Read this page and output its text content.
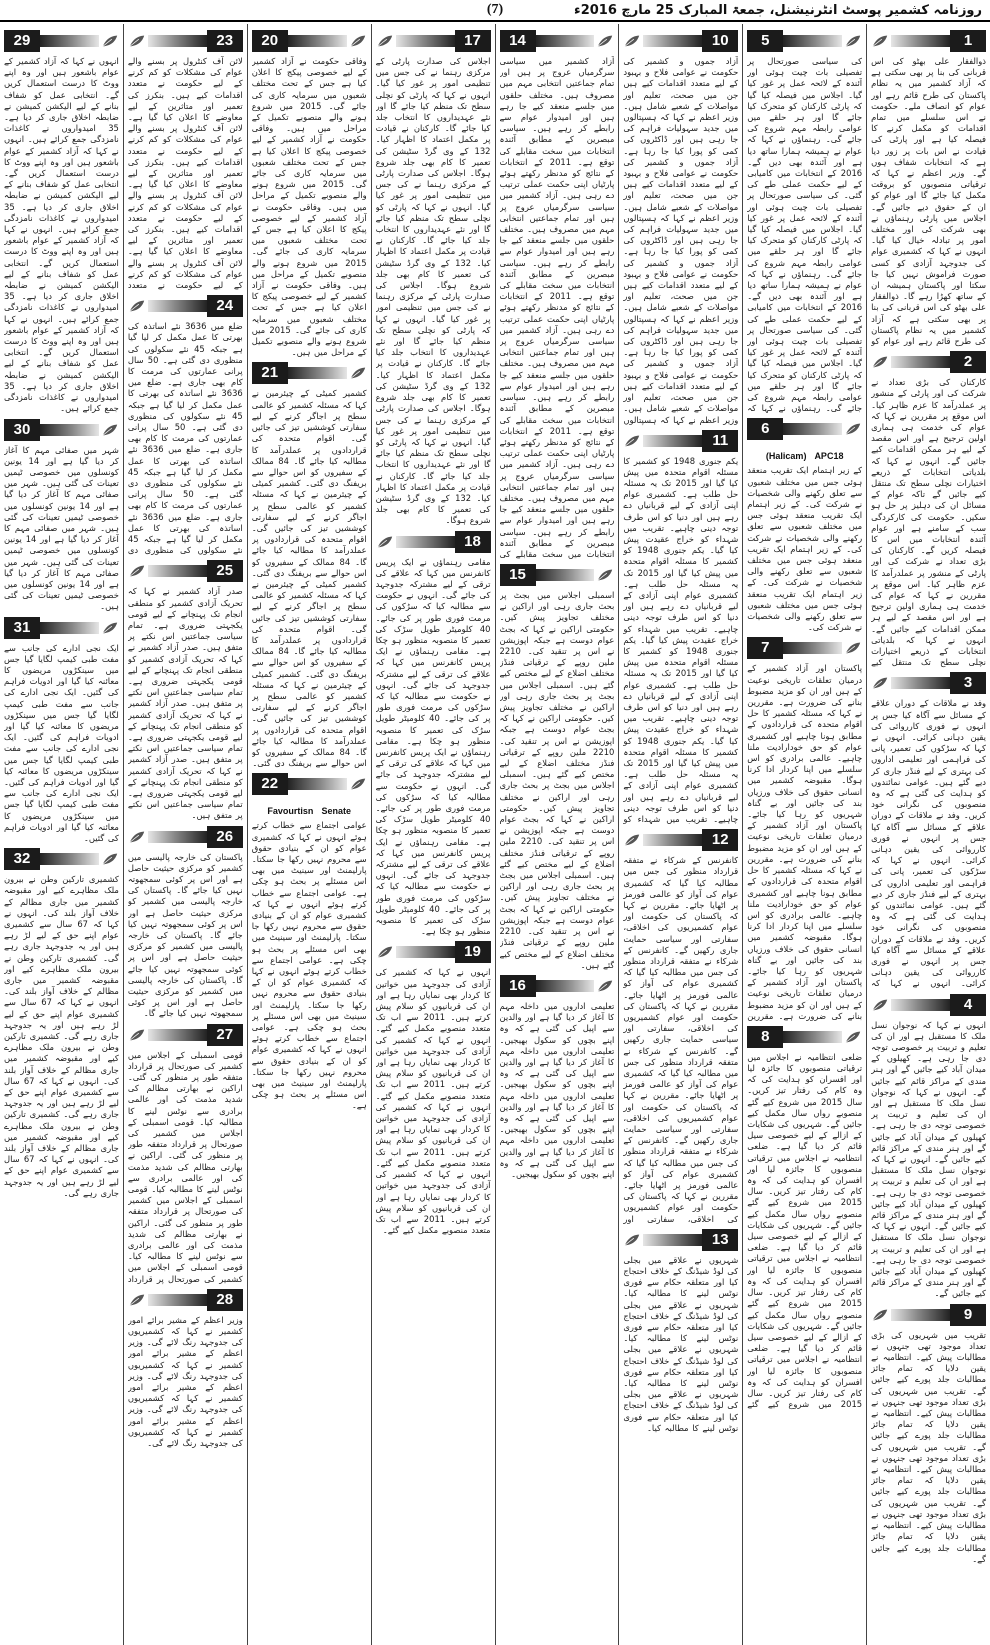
(7)	روزنامہ کشمیر پوسٹ انٹرنیشنل، جمعۃ المبارک 25 مارچ 2016ء
1

ذوالفقار علی بھٹو کی اس قربانی کی بنا پر بھی سکتی ہے کہ آزاد کشمیر میں یہ نظام پاکستان کی طرح قائم رہے اور عوام کو انصاف ملے۔ حکومت نے اس سلسلے میں تمام اقدامات کو مکمل کرنے کا فیصلہ کیا ہے اور پارٹی کی قیادت نے اس بات پر زور دیا ہے کہ انتخابات شفاف ہوں گے۔ وزیر اعظم نے کہا کہ ترقیاتی منصوبوں کو بروقت مکمل کیا جائے گا اور عوام کو ان کے حقوق دیے جائیں گے۔ اجلاس میں پارٹی رہنماؤں نے بھی شرکت کی اور مختلف امور پر تبادلہ خیال کیا گیا۔ انہوں نے کہا کہ کشمیری عوام کی جدوجہد آزادی کو کسی صورت فراموش نہیں کیا جا سکتا اور پاکستان ہمیشہ ان کے ساتھ کھڑا رہے گا۔ ذوالفقار علی بھٹو کی اس قربانی کی بنا پر بھی سکتی ہے کہ آزاد کشمیر میں یہ نظام پاکستان کی طرح قائم رہے اور عوام کو

2

کارکنان کی بڑی تعداد نے شرکت کی اور پارٹی کے منشور پر عملدرآمد کا عزم ظاہر کیا۔ اس موقع پر مقررین نے کہا کہ عوام کی خدمت ہی ہماری اولین ترجیح ہے اور اس مقصد کے لیے ہر ممکن اقدامات کیے جائیں گے۔ انہوں نے کہا کہ بلدیاتی انتخابات کے ذریعے اختیارات نچلی سطح تک منتقل کیے جائیں گے تاکہ عوام کے مسائل ان کی دہلیز پر حل ہو سکیں۔ حکومت کی کارکردگی سب کے سامنے ہے اور عوام آئندہ انتخابات میں اس کا فیصلہ کریں گے۔ کارکنان کی بڑی تعداد نے شرکت کی اور پارٹی کے منشور پر عملدرآمد کا عزم ظاہر کیا۔ اس موقع پر مقررین نے کہا کہ عوام کی خدمت ہی ہماری اولین ترجیح ہے اور اس مقصد کے لیے ہر ممکن اقدامات کیے جائیں گے۔ انہوں نے کہا کہ بلدیاتی انتخابات کے ذریعے اختیارات نچلی سطح تک منتقل کیے

3

وفد نے ملاقات کے دوران علاقے کے مسائل سے آگاہ کیا جس پر انہوں نے فوری کارروائی کی یقین دہانی کرائی۔ انہوں نے کہا کہ سڑکوں کی تعمیر، پانی کی فراہمی اور تعلیمی اداروں کی بہتری کے لیے فنڈز جاری کر دیے گئے ہیں۔ عوامی نمائندوں کو ہدایت کی گئی ہے کہ وہ منصوبوں کی نگرانی خود کریں۔ وفد نے ملاقات کے دوران علاقے کے مسائل سے آگاہ کیا جس پر انہوں نے فوری کارروائی کی یقین دہانی کرائی۔ انہوں نے کہا کہ سڑکوں کی تعمیر، پانی کی فراہمی اور تعلیمی اداروں کی بہتری کے لیے فنڈز جاری کر دیے گئے ہیں۔ عوامی نمائندوں کو ہدایت کی گئی ہے کہ وہ منصوبوں کی نگرانی خود کریں۔ وفد نے ملاقات کے دوران علاقے کے مسائل سے آگاہ کیا جس پر انہوں نے فوری کارروائی کی یقین دہانی کرائی۔ انہوں نے کہا کہ

4

انہوں نے کہا کہ نوجوان نسل ملک کا مستقبل ہے اور ان کی تعلیم و تربیت پر خصوصی توجہ دی جا رہی ہے۔ کھیلوں کے میدان آباد کیے جائیں گے اور ہنر مندی کے مراکز قائم کیے جائیں گے۔ انہوں نے کہا کہ نوجوان نسل ملک کا مستقبل ہے اور ان کی تعلیم و تربیت پر خصوصی توجہ دی جا رہی ہے۔ کھیلوں کے میدان آباد کیے جائیں گے اور ہنر مندی کے مراکز قائم کیے جائیں گے۔ انہوں نے کہا کہ نوجوان نسل ملک کا مستقبل ہے اور ان کی تعلیم و تربیت پر خصوصی توجہ دی جا رہی ہے۔ کھیلوں کے میدان آباد کیے جائیں گے اور ہنر مندی کے مراکز قائم کیے جائیں گے۔ انہوں نے کہا کہ نوجوان نسل ملک کا مستقبل ہے اور ان کی تعلیم و تربیت پر خصوصی توجہ دی جا رہی ہے۔ کھیلوں کے میدان آباد کیے جائیں گے اور ہنر مندی کے مراکز قائم کیے جائیں گے۔

9

تقریب میں شہریوں کی بڑی تعداد موجود تھی جنہوں نے مطالبات پیش کیے۔ انتظامیہ نے یقین دلایا کہ تمام جائز مطالبات جلد پورے کیے جائیں گے۔ تقریب میں شہریوں کی بڑی تعداد موجود تھی جنہوں نے مطالبات پیش کیے۔ انتظامیہ نے یقین دلایا کہ تمام جائز مطالبات جلد پورے کیے جائیں گے۔ تقریب میں شہریوں کی بڑی تعداد موجود تھی جنہوں نے مطالبات پیش کیے۔ انتظامیہ نے یقین دلایا کہ تمام جائز مطالبات جلد پورے کیے جائیں گے۔ تقریب میں شہریوں کی بڑی تعداد موجود تھی جنہوں نے مطالبات پیش کیے۔ انتظامیہ نے یقین دلایا کہ تمام جائز مطالبات جلد پورے کیے جائیں گے۔

5

کی سیاسی صورتحال پر تفصیلی بات چیت ہوئی اور آئندہ کے لائحہ عمل پر غور کیا گیا۔ اجلاس میں فیصلہ کیا گیا کہ پارٹی کارکنان کو متحرک کیا جائے گا اور ہر حلقے میں عوامی رابطہ مہم شروع کی جائے گی۔ رہنماؤں نے کہا کہ عوام نے ہمیشہ ہمارا ساتھ دیا ہے اور آئندہ بھی دیں گے۔ 2016 کے انتخابات میں کامیابی کے لیے حکمت عملی طے کی گئی۔ کی سیاسی صورتحال پر تفصیلی بات چیت ہوئی اور آئندہ کے لائحہ عمل پر غور کیا گیا۔ اجلاس میں فیصلہ کیا گیا کہ پارٹی کارکنان کو متحرک کیا جائے گا اور ہر حلقے میں عوامی رابطہ مہم شروع کی جائے گی۔ رہنماؤں نے کہا کہ عوام نے ہمیشہ ہمارا ساتھ دیا ہے اور آئندہ بھی دیں گے۔ 2016 کے انتخابات میں کامیابی کے لیے حکمت عملی طے کی گئی۔ کی سیاسی صورتحال پر تفصیلی بات چیت ہوئی اور آئندہ کے لائحہ عمل پر غور کیا گیا۔ اجلاس میں فیصلہ کیا گیا کہ پارٹی کارکنان کو متحرک کیا جائے گا اور ہر حلقے میں عوامی رابطہ مہم شروع کی جائے گی۔ رہنماؤں نے کہا کہ

6
(Halicam) APC18

کے زیر اہتمام ایک تقریب منعقد ہوئی جس میں مختلف شعبوں سے تعلق رکھنے والی شخصیات نے شرکت کی۔ کے زیر اہتمام ایک تقریب منعقد ہوئی جس میں مختلف شعبوں سے تعلق رکھنے والی شخصیات نے شرکت کی۔ کے زیر اہتمام ایک تقریب منعقد ہوئی جس میں مختلف شعبوں سے تعلق رکھنے والی شخصیات نے شرکت کی۔ کے زیر اہتمام ایک تقریب منعقد ہوئی جس میں مختلف شعبوں سے تعلق رکھنے والی شخصیات نے شرکت کی۔

7

پاکستان اور آزاد کشمیر کے درمیان تعلقات تاریخی نوعیت کے ہیں اور ان کو مزید مضبوط بنانے کی ضرورت ہے۔ مقررین نے کہا کہ مسئلہ کشمیر کا حل اقوام متحدہ کی قراردادوں کے مطابق ہونا چاہیے اور کشمیری عوام کو حق خودارادیت ملنا چاہیے۔ عالمی برادری کو اس سلسلے میں اپنا کردار ادا کرنا ہوگا۔ مقبوضہ کشمیر میں انسانی حقوق کی خلاف ورزیاں بند کی جائیں اور بے گناہ شہریوں کو رہا کیا جائے۔ پاکستان اور آزاد کشمیر کے درمیان تعلقات تاریخی نوعیت کے ہیں اور ان کو مزید مضبوط بنانے کی ضرورت ہے۔ مقررین نے کہا کہ مسئلہ کشمیر کا حل اقوام متحدہ کی قراردادوں کے مطابق ہونا چاہیے اور کشمیری عوام کو حق خودارادیت ملنا چاہیے۔ عالمی برادری کو اس سلسلے میں اپنا کردار ادا کرنا ہوگا۔ مقبوضہ کشمیر میں انسانی حقوق کی خلاف ورزیاں بند کی جائیں اور بے گناہ شہریوں کو رہا کیا جائے۔ پاکستان اور آزاد کشمیر کے درمیان تعلقات تاریخی نوعیت کے ہیں اور ان کو مزید مضبوط بنانے کی ضرورت ہے۔ مقررین

8

ضلعی انتظامیہ نے اجلاس میں ترقیاتی منصوبوں کا جائزہ لیا اور افسران کو ہدایت کی کہ وہ کام کی رفتار تیز کریں۔ سال 2015 میں شروع کیے گئے منصوبے رواں سال مکمل کیے جائیں گے۔ شہریوں کی شکایات کے ازالے کے لیے خصوصی سیل قائم کر دیا گیا ہے۔ ضلعی انتظامیہ نے اجلاس میں ترقیاتی منصوبوں کا جائزہ لیا اور افسران کو ہدایت کی کہ وہ کام کی رفتار تیز کریں۔ سال 2015 میں شروع کیے گئے منصوبے رواں سال مکمل کیے جائیں گے۔ شہریوں کی شکایات کے ازالے کے لیے خصوصی سیل قائم کر دیا گیا ہے۔ ضلعی انتظامیہ نے اجلاس میں ترقیاتی منصوبوں کا جائزہ لیا اور افسران کو ہدایت کی کہ وہ کام کی رفتار تیز کریں۔ سال 2015 میں شروع کیے گئے منصوبے رواں سال مکمل کیے جائیں گے۔ شہریوں کی شکایات کے ازالے کے لیے خصوصی سیل قائم کر دیا گیا ہے۔ ضلعی انتظامیہ نے اجلاس میں ترقیاتی منصوبوں کا جائزہ لیا اور افسران کو ہدایت کی کہ وہ کام کی رفتار تیز کریں۔ سال 2015 میں شروع کیے گئے

10

آزاد جموں و کشمیر کی حکومت نے عوامی فلاح و بہبود کے لیے متعدد اقدامات کیے ہیں جن میں صحت، تعلیم اور مواصلات کے شعبے شامل ہیں۔ وزیر اعظم نے کہا کہ ہسپتالوں میں جدید سہولیات فراہم کی جا رہی ہیں اور ڈاکٹروں کی کمی کو پورا کیا جا رہا ہے۔ آزاد جموں و کشمیر کی حکومت نے عوامی فلاح و بہبود کے لیے متعدد اقدامات کیے ہیں جن میں صحت، تعلیم اور مواصلات کے شعبے شامل ہیں۔ وزیر اعظم نے کہا کہ ہسپتالوں میں جدید سہولیات فراہم کی جا رہی ہیں اور ڈاکٹروں کی کمی کو پورا کیا جا رہا ہے۔ آزاد جموں و کشمیر کی حکومت نے عوامی فلاح و بہبود کے لیے متعدد اقدامات کیے ہیں جن میں صحت، تعلیم اور مواصلات کے شعبے شامل ہیں۔ وزیر اعظم نے کہا کہ ہسپتالوں میں جدید سہولیات فراہم کی جا رہی ہیں اور ڈاکٹروں کی کمی کو پورا کیا جا رہا ہے۔ آزاد جموں و کشمیر کی حکومت نے عوامی فلاح و بہبود کے لیے متعدد اقدامات کیے ہیں جن میں صحت، تعلیم اور مواصلات کے شعبے شامل ہیں۔ وزیر اعظم نے کہا کہ ہسپتالوں

11

یکم جنوری 1948 کو کشمیر کا مسئلہ اقوام متحدہ میں پیش کیا گیا اور 2015 تک یہ مسئلہ حل طلب ہے۔ کشمیری عوام اپنی آزادی کے لیے قربانیاں دے رہے ہیں اور دنیا کو اس طرف توجہ دینی چاہیے۔ تقریب میں شہداء کو خراج عقیدت پیش کیا گیا۔ یکم جنوری 1948 کو کشمیر کا مسئلہ اقوام متحدہ میں پیش کیا گیا اور 2015 تک یہ مسئلہ حل طلب ہے۔ کشمیری عوام اپنی آزادی کے لیے قربانیاں دے رہے ہیں اور دنیا کو اس طرف توجہ دینی چاہیے۔ تقریب میں شہداء کو خراج عقیدت پیش کیا گیا۔ یکم جنوری 1948 کو کشمیر کا مسئلہ اقوام متحدہ میں پیش کیا گیا اور 2015 تک یہ مسئلہ حل طلب ہے۔ کشمیری عوام اپنی آزادی کے لیے قربانیاں دے رہے ہیں اور دنیا کو اس طرف توجہ دینی چاہیے۔ تقریب میں شہداء کو خراج عقیدت پیش کیا گیا۔ یکم جنوری 1948 کو کشمیر کا مسئلہ اقوام متحدہ میں پیش کیا گیا اور 2015 تک یہ مسئلہ حل طلب ہے۔ کشمیری عوام اپنی آزادی کے لیے قربانیاں دے رہے ہیں اور دنیا کو اس طرف توجہ دینی چاہیے۔ تقریب میں شہداء کو

12

کانفرنس کے شرکاء نے متفقہ قرارداد منظور کی جس میں مطالبہ کیا گیا کہ کشمیری عوام کی آواز کو عالمی فورمز پر اٹھایا جائے۔ مقررین نے کہا کہ پاکستان کی حکومت اور عوام کشمیریوں کی اخلاقی، سفارتی اور سیاسی حمایت جاری رکھیں گے۔ کانفرنس کے شرکاء نے متفقہ قرارداد منظور کی جس میں مطالبہ کیا گیا کہ کشمیری عوام کی آواز کو عالمی فورمز پر اٹھایا جائے۔ مقررین نے کہا کہ پاکستان کی حکومت اور عوام کشمیریوں کی اخلاقی، سفارتی اور سیاسی حمایت جاری رکھیں گے۔ کانفرنس کے شرکاء نے متفقہ قرارداد منظور کی جس میں مطالبہ کیا گیا کہ کشمیری عوام کی آواز کو عالمی فورمز پر اٹھایا جائے۔ مقررین نے کہا کہ پاکستان کی حکومت اور عوام کشمیریوں کی اخلاقی، سفارتی اور سیاسی حمایت جاری رکھیں گے۔ کانفرنس کے شرکاء نے متفقہ قرارداد منظور کی جس میں مطالبہ کیا گیا کہ کشمیری عوام کی آواز کو عالمی فورمز پر اٹھایا جائے۔ مقررین نے کہا کہ پاکستان کی حکومت اور عوام کشمیریوں کی اخلاقی، سفارتی اور

13

شہریوں نے علاقے میں بجلی کی لوڈ شیڈنگ کے خلاف احتجاج کیا اور متعلقہ حکام سے فوری نوٹس لینے کا مطالبہ کیا۔ شہریوں نے علاقے میں بجلی کی لوڈ شیڈنگ کے خلاف احتجاج کیا اور متعلقہ حکام سے فوری نوٹس لینے کا مطالبہ کیا۔ شہریوں نے علاقے میں بجلی کی لوڈ شیڈنگ کے خلاف احتجاج کیا اور متعلقہ حکام سے فوری نوٹس لینے کا مطالبہ کیا۔ شہریوں نے علاقے میں بجلی کی لوڈ شیڈنگ کے خلاف احتجاج کیا اور متعلقہ حکام سے فوری نوٹس لینے کا مطالبہ کیا۔

14

آزاد کشمیر میں سیاسی سرگرمیاں عروج پر ہیں اور تمام جماعتیں انتخابی مہم میں مصروف ہیں۔ مختلف حلقوں میں جلسے منعقد کیے جا رہے ہیں اور امیدوار عوام سے رابطے کر رہے ہیں۔ سیاسی مبصرین کے مطابق آئندہ انتخابات میں سخت مقابلے کی توقع ہے۔ 2011 کے انتخابات کے نتائج کو مدنظر رکھتے ہوئے پارٹیاں اپنی حکمت عملی ترتیب دے رہی ہیں۔ آزاد کشمیر میں سیاسی سرگرمیاں عروج پر ہیں اور تمام جماعتیں انتخابی مہم میں مصروف ہیں۔ مختلف حلقوں میں جلسے منعقد کیے جا رہے ہیں اور امیدوار عوام سے رابطے کر رہے ہیں۔ سیاسی مبصرین کے مطابق آئندہ انتخابات میں سخت مقابلے کی توقع ہے۔ 2011 کے انتخابات کے نتائج کو مدنظر رکھتے ہوئے پارٹیاں اپنی حکمت عملی ترتیب دے رہی ہیں۔ آزاد کشمیر میں سیاسی سرگرمیاں عروج پر ہیں اور تمام جماعتیں انتخابی مہم میں مصروف ہیں۔ مختلف حلقوں میں جلسے منعقد کیے جا رہے ہیں اور امیدوار عوام سے رابطے کر رہے ہیں۔ سیاسی مبصرین کے مطابق آئندہ انتخابات میں سخت مقابلے کی توقع ہے۔ 2011 کے انتخابات کے نتائج کو مدنظر رکھتے ہوئے پارٹیاں اپنی حکمت عملی ترتیب دے رہی ہیں۔ آزاد کشمیر میں سیاسی سرگرمیاں عروج پر ہیں اور تمام جماعتیں انتخابی مہم میں مصروف ہیں۔ مختلف حلقوں میں جلسے منعقد کیے جا رہے ہیں اور امیدوار عوام سے رابطے کر رہے ہیں۔ سیاسی مبصرین کے مطابق آئندہ انتخابات میں سخت مقابلے کی

15

اسمبلی اجلاس میں بجٹ پر بحث جاری رہی اور اراکین نے مختلف تجاویز پیش کیں۔ حکومتی اراکین نے کہا کہ بجٹ عوام دوست ہے جبکہ اپوزیشن نے اس پر تنقید کی۔ 2210 ملین روپے کے ترقیاتی فنڈز مختلف اضلاع کے لیے مختص کیے گئے ہیں۔ اسمبلی اجلاس میں بجٹ پر بحث جاری رہی اور اراکین نے مختلف تجاویز پیش کیں۔ حکومتی اراکین نے کہا کہ بجٹ عوام دوست ہے جبکہ اپوزیشن نے اس پر تنقید کی۔ 2210 ملین روپے کے ترقیاتی فنڈز مختلف اضلاع کے لیے مختص کیے گئے ہیں۔ اسمبلی اجلاس میں بجٹ پر بحث جاری رہی اور اراکین نے مختلف تجاویز پیش کیں۔ حکومتی اراکین نے کہا کہ بجٹ عوام دوست ہے جبکہ اپوزیشن نے اس پر تنقید کی۔ 2210 ملین روپے کے ترقیاتی فنڈز مختلف اضلاع کے لیے مختص کیے گئے ہیں۔ اسمبلی اجلاس میں بجٹ پر بحث جاری رہی اور اراکین نے مختلف تجاویز پیش کیں۔ حکومتی اراکین نے کہا کہ بجٹ عوام دوست ہے جبکہ اپوزیشن نے اس پر تنقید کی۔ 2210 ملین روپے کے ترقیاتی فنڈز مختلف اضلاع کے لیے مختص کیے گئے ہیں۔

16

تعلیمی اداروں میں داخلہ مہم کا آغاز کر دیا گیا ہے اور والدین سے اپیل کی گئی ہے کہ وہ اپنے بچوں کو سکول بھیجیں۔ تعلیمی اداروں میں داخلہ مہم کا آغاز کر دیا گیا ہے اور والدین سے اپیل کی گئی ہے کہ وہ اپنے بچوں کو سکول بھیجیں۔ تعلیمی اداروں میں داخلہ مہم کا آغاز کر دیا گیا ہے اور والدین سے اپیل کی گئی ہے کہ وہ اپنے بچوں کو سکول بھیجیں۔ تعلیمی اداروں میں داخلہ مہم کا آغاز کر دیا گیا ہے اور والدین سے اپیل کی گئی ہے کہ وہ اپنے بچوں کو سکول بھیجیں۔

17

اجلاس کی صدارت پارٹی کے مرکزی رہنما نے کی جس میں تنظیمی امور پر غور کیا گیا۔ انہوں نے کہا کہ پارٹی کو نچلی سطح تک منظم کیا جائے گا اور نئے عہدیداروں کا انتخاب جلد کیا جائے گا۔ کارکنان نے قیادت پر مکمل اعتماد کا اظہار کیا۔ 132 کے وی گرڈ سٹیشن کی تعمیر کا کام بھی جلد شروع ہوگا۔ اجلاس کی صدارت پارٹی کے مرکزی رہنما نے کی جس میں تنظیمی امور پر غور کیا گیا۔ انہوں نے کہا کہ پارٹی کو نچلی سطح تک منظم کیا جائے گا اور نئے عہدیداروں کا انتخاب جلد کیا جائے گا۔ کارکنان نے قیادت پر مکمل اعتماد کا اظہار کیا۔ 132 کے وی گرڈ سٹیشن کی تعمیر کا کام بھی جلد شروع ہوگا۔ اجلاس کی صدارت پارٹی کے مرکزی رہنما نے کی جس میں تنظیمی امور پر غور کیا گیا۔ انہوں نے کہا کہ پارٹی کو نچلی سطح تک منظم کیا جائے گا اور نئے عہدیداروں کا انتخاب جلد کیا جائے گا۔ کارکنان نے قیادت پر مکمل اعتماد کا اظہار کیا۔ 132 کے وی گرڈ سٹیشن کی تعمیر کا کام بھی جلد شروع ہوگا۔ اجلاس کی صدارت پارٹی کے مرکزی رہنما نے کی جس میں تنظیمی امور پر غور کیا گیا۔ انہوں نے کہا کہ پارٹی کو نچلی سطح تک منظم کیا جائے گا اور نئے عہدیداروں کا انتخاب جلد کیا جائے گا۔ کارکنان نے قیادت پر مکمل اعتماد کا اظہار کیا۔ 132 کے وی گرڈ سٹیشن کی تعمیر کا کام بھی جلد شروع ہوگا۔

18

مقامی رہنماؤں نے ایک پریس کانفرنس میں کہا کہ علاقے کی ترقی کے لیے مشترکہ جدوجہد کی جائے گی۔ انہوں نے حکومت سے مطالبہ کیا کہ سڑکوں کی مرمت فوری طور پر کی جائے۔ 40 کلومیٹر طویل سڑک کی تعمیر کا منصوبہ منظور ہو چکا ہے۔ مقامی رہنماؤں نے ایک پریس کانفرنس میں کہا کہ علاقے کی ترقی کے لیے مشترکہ جدوجہد کی جائے گی۔ انہوں نے حکومت سے مطالبہ کیا کہ سڑکوں کی مرمت فوری طور پر کی جائے۔ 40 کلومیٹر طویل سڑک کی تعمیر کا منصوبہ منظور ہو چکا ہے۔ مقامی رہنماؤں نے ایک پریس کانفرنس میں کہا کہ علاقے کی ترقی کے لیے مشترکہ جدوجہد کی جائے گی۔ انہوں نے حکومت سے مطالبہ کیا کہ سڑکوں کی مرمت فوری طور پر کی جائے۔ 40 کلومیٹر طویل سڑک کی تعمیر کا منصوبہ منظور ہو چکا ہے۔ مقامی رہنماؤں نے ایک پریس کانفرنس میں کہا کہ علاقے کی ترقی کے لیے مشترکہ جدوجہد کی جائے گی۔ انہوں نے حکومت سے مطالبہ کیا کہ سڑکوں کی مرمت فوری طور پر کی جائے۔ 40 کلومیٹر طویل سڑک کی تعمیر کا منصوبہ منظور ہو چکا ہے۔

19

انہوں نے کہا کہ کشمیر کی آزادی کی جدوجہد میں خواتین کا کردار بھی نمایاں رہا ہے اور ان کی قربانیوں کو سلام پیش کرتے ہیں۔ 2011 سے اب تک متعدد منصوبے مکمل کیے گئے۔ انہوں نے کہا کہ کشمیر کی آزادی کی جدوجہد میں خواتین کا کردار بھی نمایاں رہا ہے اور ان کی قربانیوں کو سلام پیش کرتے ہیں۔ 2011 سے اب تک متعدد منصوبے مکمل کیے گئے۔ انہوں نے کہا کہ کشمیر کی آزادی کی جدوجہد میں خواتین کا کردار بھی نمایاں رہا ہے اور ان کی قربانیوں کو سلام پیش کرتے ہیں۔ 2011 سے اب تک متعدد منصوبے مکمل کیے گئے۔ انہوں نے کہا کہ کشمیر کی آزادی کی جدوجہد میں خواتین کا کردار بھی نمایاں رہا ہے اور ان کی قربانیوں کو سلام پیش کرتے ہیں۔ 2011 سے اب تک متعدد منصوبے مکمل کیے گئے۔

20

وفاقی حکومت نے آزاد کشمیر کے لیے خصوصی پیکج کا اعلان کیا ہے جس کے تحت مختلف شعبوں میں سرمایہ کاری کی جائے گی۔ 2015 میں شروع ہونے والے منصوبے تکمیل کے مراحل میں ہیں۔ وفاقی حکومت نے آزاد کشمیر کے لیے خصوصی پیکج کا اعلان کیا ہے جس کے تحت مختلف شعبوں میں سرمایہ کاری کی جائے گی۔ 2015 میں شروع ہونے والے منصوبے تکمیل کے مراحل میں ہیں۔ وفاقی حکومت نے آزاد کشمیر کے لیے خصوصی پیکج کا اعلان کیا ہے جس کے تحت مختلف شعبوں میں سرمایہ کاری کی جائے گی۔ 2015 میں شروع ہونے والے منصوبے تکمیل کے مراحل میں ہیں۔ وفاقی حکومت نے آزاد کشمیر کے لیے خصوصی پیکج کا اعلان کیا ہے جس کے تحت مختلف شعبوں میں سرمایہ کاری کی جائے گی۔ 2015 میں شروع ہونے والے منصوبے تکمیل کے مراحل میں ہیں۔

21

کشمیر کمیٹی کے چیئرمین نے کہا کہ مسئلہ کشمیر کو عالمی سطح پر اجاگر کرنے کے لیے سفارتی کوششیں تیز کی جائیں گی۔ اقوام متحدہ کی قراردادوں پر عملدرآمد کا مطالبہ کیا جائے گا۔ 84 ممالک کے سفیروں کو اس حوالے سے بریفنگ دی گئی۔ کشمیر کمیٹی کے چیئرمین نے کہا کہ مسئلہ کشمیر کو عالمی سطح پر اجاگر کرنے کے لیے سفارتی کوششیں تیز کی جائیں گی۔ اقوام متحدہ کی قراردادوں پر عملدرآمد کا مطالبہ کیا جائے گا۔ 84 ممالک کے سفیروں کو اس حوالے سے بریفنگ دی گئی۔ کشمیر کمیٹی کے چیئرمین نے کہا کہ مسئلہ کشمیر کو عالمی سطح پر اجاگر کرنے کے لیے سفارتی کوششیں تیز کی جائیں گی۔ اقوام متحدہ کی قراردادوں پر عملدرآمد کا مطالبہ کیا جائے گا۔ 84 ممالک کے سفیروں کو اس حوالے سے بریفنگ دی گئی۔ کشمیر کمیٹی کے چیئرمین نے کہا کہ مسئلہ کشمیر کو عالمی سطح پر اجاگر کرنے کے لیے سفارتی کوششیں تیز کی جائیں گی۔ اقوام متحدہ کی قراردادوں پر عملدرآمد کا مطالبہ کیا جائے گا۔ 84 ممالک کے سفیروں کو اس حوالے سے بریفنگ دی گئی۔

22
Favourtisn Senate

عوامی اجتماع سے خطاب کرتے ہوئے انہوں نے کہا کہ کشمیری عوام کو ان کے بنیادی حقوق سے محروم نہیں رکھا جا سکتا۔ پارلیمنٹ اور سینیٹ میں بھی اس مسئلے پر بحث ہو چکی ہے۔ عوامی اجتماع سے خطاب کرتے ہوئے انہوں نے کہا کہ کشمیری عوام کو ان کے بنیادی حقوق سے محروم نہیں رکھا جا سکتا۔ پارلیمنٹ اور سینیٹ میں بھی اس مسئلے پر بحث ہو چکی ہے۔ عوامی اجتماع سے خطاب کرتے ہوئے انہوں نے کہا کہ کشمیری عوام کو ان کے بنیادی حقوق سے محروم نہیں رکھا جا سکتا۔ پارلیمنٹ اور سینیٹ میں بھی اس مسئلے پر بحث ہو چکی ہے۔ عوامی اجتماع سے خطاب کرتے ہوئے انہوں نے کہا کہ کشمیری عوام کو ان کے بنیادی حقوق سے محروم نہیں رکھا جا سکتا۔ پارلیمنٹ اور سینیٹ میں بھی اس مسئلے پر بحث ہو چکی ہے۔

23

لائن آف کنٹرول پر بسنے والے عوام کی مشکلات کو کم کرنے کے لیے حکومت نے متعدد اقدامات کیے ہیں۔ بنکرز کی تعمیر اور متاثرین کے لیے معاوضے کا اعلان کیا گیا ہے۔ لائن آف کنٹرول پر بسنے والے عوام کی مشکلات کو کم کرنے کے لیے حکومت نے متعدد اقدامات کیے ہیں۔ بنکرز کی تعمیر اور متاثرین کے لیے معاوضے کا اعلان کیا گیا ہے۔ لائن آف کنٹرول پر بسنے والے عوام کی مشکلات کو کم کرنے کے لیے حکومت نے متعدد اقدامات کیے ہیں۔ بنکرز کی تعمیر اور متاثرین کے لیے معاوضے کا اعلان کیا گیا ہے۔ لائن آف کنٹرول پر بسنے والے عوام کی مشکلات کو کم کرنے کے لیے حکومت نے متعدد

24

ضلع میں 3636 نئے اساتذہ کی بھرتی کا عمل مکمل کر لیا گیا ہے جبکہ 45 نئے سکولوں کی منظوری دی گئی ہے۔ 50 سال پرانی عمارتوں کی مرمت کا کام بھی جاری ہے۔ ضلع میں 3636 نئے اساتذہ کی بھرتی کا عمل مکمل کر لیا گیا ہے جبکہ 45 نئے سکولوں کی منظوری دی گئی ہے۔ 50 سال پرانی عمارتوں کی مرمت کا کام بھی جاری ہے۔ ضلع میں 3636 نئے اساتذہ کی بھرتی کا عمل مکمل کر لیا گیا ہے جبکہ 45 نئے سکولوں کی منظوری دی گئی ہے۔ 50 سال پرانی عمارتوں کی مرمت کا کام بھی جاری ہے۔ ضلع میں 3636 نئے اساتذہ کی بھرتی کا عمل مکمل کر لیا گیا ہے جبکہ 45 نئے سکولوں کی منظوری دی

25

صدر آزاد کشمیر نے کہا کہ تحریک آزادی کشمیر کو منطقی انجام تک پہنچانے کے لیے قومی یکجہتی ضروری ہے۔ تمام سیاسی جماعتیں اس نکتے پر متفق ہیں۔ صدر آزاد کشمیر نے کہا کہ تحریک آزادی کشمیر کو منطقی انجام تک پہنچانے کے لیے قومی یکجہتی ضروری ہے۔ تمام سیاسی جماعتیں اس نکتے پر متفق ہیں۔ صدر آزاد کشمیر نے کہا کہ تحریک آزادی کشمیر کو منطقی انجام تک پہنچانے کے لیے قومی یکجہتی ضروری ہے۔ تمام سیاسی جماعتیں اس نکتے پر متفق ہیں۔ صدر آزاد کشمیر نے کہا کہ تحریک آزادی کشمیر کو منطقی انجام تک پہنچانے کے لیے قومی یکجہتی ضروری ہے۔ تمام سیاسی جماعتیں اس نکتے پر متفق ہیں۔

26

پاکستان کی خارجہ پالیسی میں کشمیر کو مرکزی حیثیت حاصل ہے اور اس پر کوئی سمجھوتہ نہیں کیا جائے گا۔ پاکستان کی خارجہ پالیسی میں کشمیر کو مرکزی حیثیت حاصل ہے اور اس پر کوئی سمجھوتہ نہیں کیا جائے گا۔ پاکستان کی خارجہ پالیسی میں کشمیر کو مرکزی حیثیت حاصل ہے اور اس پر کوئی سمجھوتہ نہیں کیا جائے گا۔ پاکستان کی خارجہ پالیسی میں کشمیر کو مرکزی حیثیت حاصل ہے اور اس پر کوئی سمجھوتہ نہیں کیا جائے گا۔

27

قومی اسمبلی کے اجلاس میں کشمیر کی صورتحال پر قرارداد متفقہ طور پر منظور کی گئی۔ اراکین نے بھارتی مظالم کی شدید مذمت کی اور عالمی برادری سے نوٹس لینے کا مطالبہ کیا۔ قومی اسمبلی کے اجلاس میں کشمیر کی صورتحال پر قرارداد متفقہ طور پر منظور کی گئی۔ اراکین نے بھارتی مظالم کی شدید مذمت کی اور عالمی برادری سے نوٹس لینے کا مطالبہ کیا۔ قومی اسمبلی کے اجلاس میں کشمیر کی صورتحال پر قرارداد متفقہ طور پر منظور کی گئی۔ اراکین نے بھارتی مظالم کی شدید مذمت کی اور عالمی برادری سے نوٹس لینے کا مطالبہ کیا۔ قومی اسمبلی کے اجلاس میں کشمیر کی صورتحال پر قرارداد

28

وزیر اعظم کے مشیر برائے امور کشمیر نے کہا کہ کشمیریوں کی جدوجہد رنگ لائے گی۔ وزیر اعظم کے مشیر برائے امور کشمیر نے کہا کہ کشمیریوں کی جدوجہد رنگ لائے گی۔ وزیر اعظم کے مشیر برائے امور کشمیر نے کہا کہ کشمیریوں کی جدوجہد رنگ لائے گی۔ وزیر اعظم کے مشیر برائے امور کشمیر نے کہا کہ کشمیریوں کی جدوجہد رنگ لائے گی۔

29

انہوں نے کہا کہ آزاد کشمیر کے عوام باشعور ہیں اور وہ اپنے ووٹ کا درست استعمال کریں گے۔ انتخابی عمل کو شفاف بنانے کے لیے الیکشن کمیشن نے ضابطہ اخلاق جاری کر دیا ہے۔ 35 امیدواروں نے کاغذات نامزدگی جمع کرائے ہیں۔ انہوں نے کہا کہ آزاد کشمیر کے عوام باشعور ہیں اور وہ اپنے ووٹ کا درست استعمال کریں گے۔ انتخابی عمل کو شفاف بنانے کے لیے الیکشن کمیشن نے ضابطہ اخلاق جاری کر دیا ہے۔ 35 امیدواروں نے کاغذات نامزدگی جمع کرائے ہیں۔ انہوں نے کہا کہ آزاد کشمیر کے عوام باشعور ہیں اور وہ اپنے ووٹ کا درست استعمال کریں گے۔ انتخابی عمل کو شفاف بنانے کے لیے الیکشن کمیشن نے ضابطہ اخلاق جاری کر دیا ہے۔ 35 امیدواروں نے کاغذات نامزدگی جمع کرائے ہیں۔ انہوں نے کہا کہ آزاد کشمیر کے عوام باشعور ہیں اور وہ اپنے ووٹ کا درست استعمال کریں گے۔ انتخابی عمل کو شفاف بنانے کے لیے الیکشن کمیشن نے ضابطہ اخلاق جاری کر دیا ہے۔ 35 امیدواروں نے کاغذات نامزدگی جمع کرائے ہیں۔

30

شہر میں صفائی مہم کا آغاز کر دیا گیا ہے اور 14 یونین کونسلوں میں خصوصی ٹیمیں تعینات کی گئی ہیں۔ شہر میں صفائی مہم کا آغاز کر دیا گیا ہے اور 14 یونین کونسلوں میں خصوصی ٹیمیں تعینات کی گئی ہیں۔ شہر میں صفائی مہم کا آغاز کر دیا گیا ہے اور 14 یونین کونسلوں میں خصوصی ٹیمیں تعینات کی گئی ہیں۔ شہر میں صفائی مہم کا آغاز کر دیا گیا ہے اور 14 یونین کونسلوں میں خصوصی ٹیمیں تعینات کی گئی ہیں۔

31

ایک نجی ادارے کی جانب سے مفت طبی کیمپ لگایا گیا جس میں سینکڑوں مریضوں کا معائنہ کیا گیا اور ادویات فراہم کی گئیں۔ ایک نجی ادارے کی جانب سے مفت طبی کیمپ لگایا گیا جس میں سینکڑوں مریضوں کا معائنہ کیا گیا اور ادویات فراہم کی گئیں۔ ایک نجی ادارے کی جانب سے مفت طبی کیمپ لگایا گیا جس میں سینکڑوں مریضوں کا معائنہ کیا گیا اور ادویات فراہم کی گئیں۔ ایک نجی ادارے کی جانب سے مفت طبی کیمپ لگایا گیا جس میں سینکڑوں مریضوں کا معائنہ کیا گیا اور ادویات فراہم کی گئیں۔

32

کشمیری تارکین وطن نے بیرون ملک مظاہرے کیے اور مقبوضہ کشمیر میں جاری مظالم کے خلاف آواز بلند کی۔ انہوں نے کہا کہ 67 سال سے کشمیری عوام اپنے حق کے لیے لڑ رہے ہیں اور یہ جدوجہد جاری رہے گی۔ کشمیری تارکین وطن نے بیرون ملک مظاہرے کیے اور مقبوضہ کشمیر میں جاری مظالم کے خلاف آواز بلند کی۔ انہوں نے کہا کہ 67 سال سے کشمیری عوام اپنے حق کے لیے لڑ رہے ہیں اور یہ جدوجہد جاری رہے گی۔ کشمیری تارکین وطن نے بیرون ملک مظاہرے کیے اور مقبوضہ کشمیر میں جاری مظالم کے خلاف آواز بلند کی۔ انہوں نے کہا کہ 67 سال سے کشمیری عوام اپنے حق کے لیے لڑ رہے ہیں اور یہ جدوجہد جاری رہے گی۔ کشمیری تارکین وطن نے بیرون ملک مظاہرے کیے اور مقبوضہ کشمیر میں جاری مظالم کے خلاف آواز بلند کی۔ انہوں نے کہا کہ 67 سال سے کشمیری عوام اپنے حق کے لیے لڑ رہے ہیں اور یہ جدوجہد جاری رہے گی۔
